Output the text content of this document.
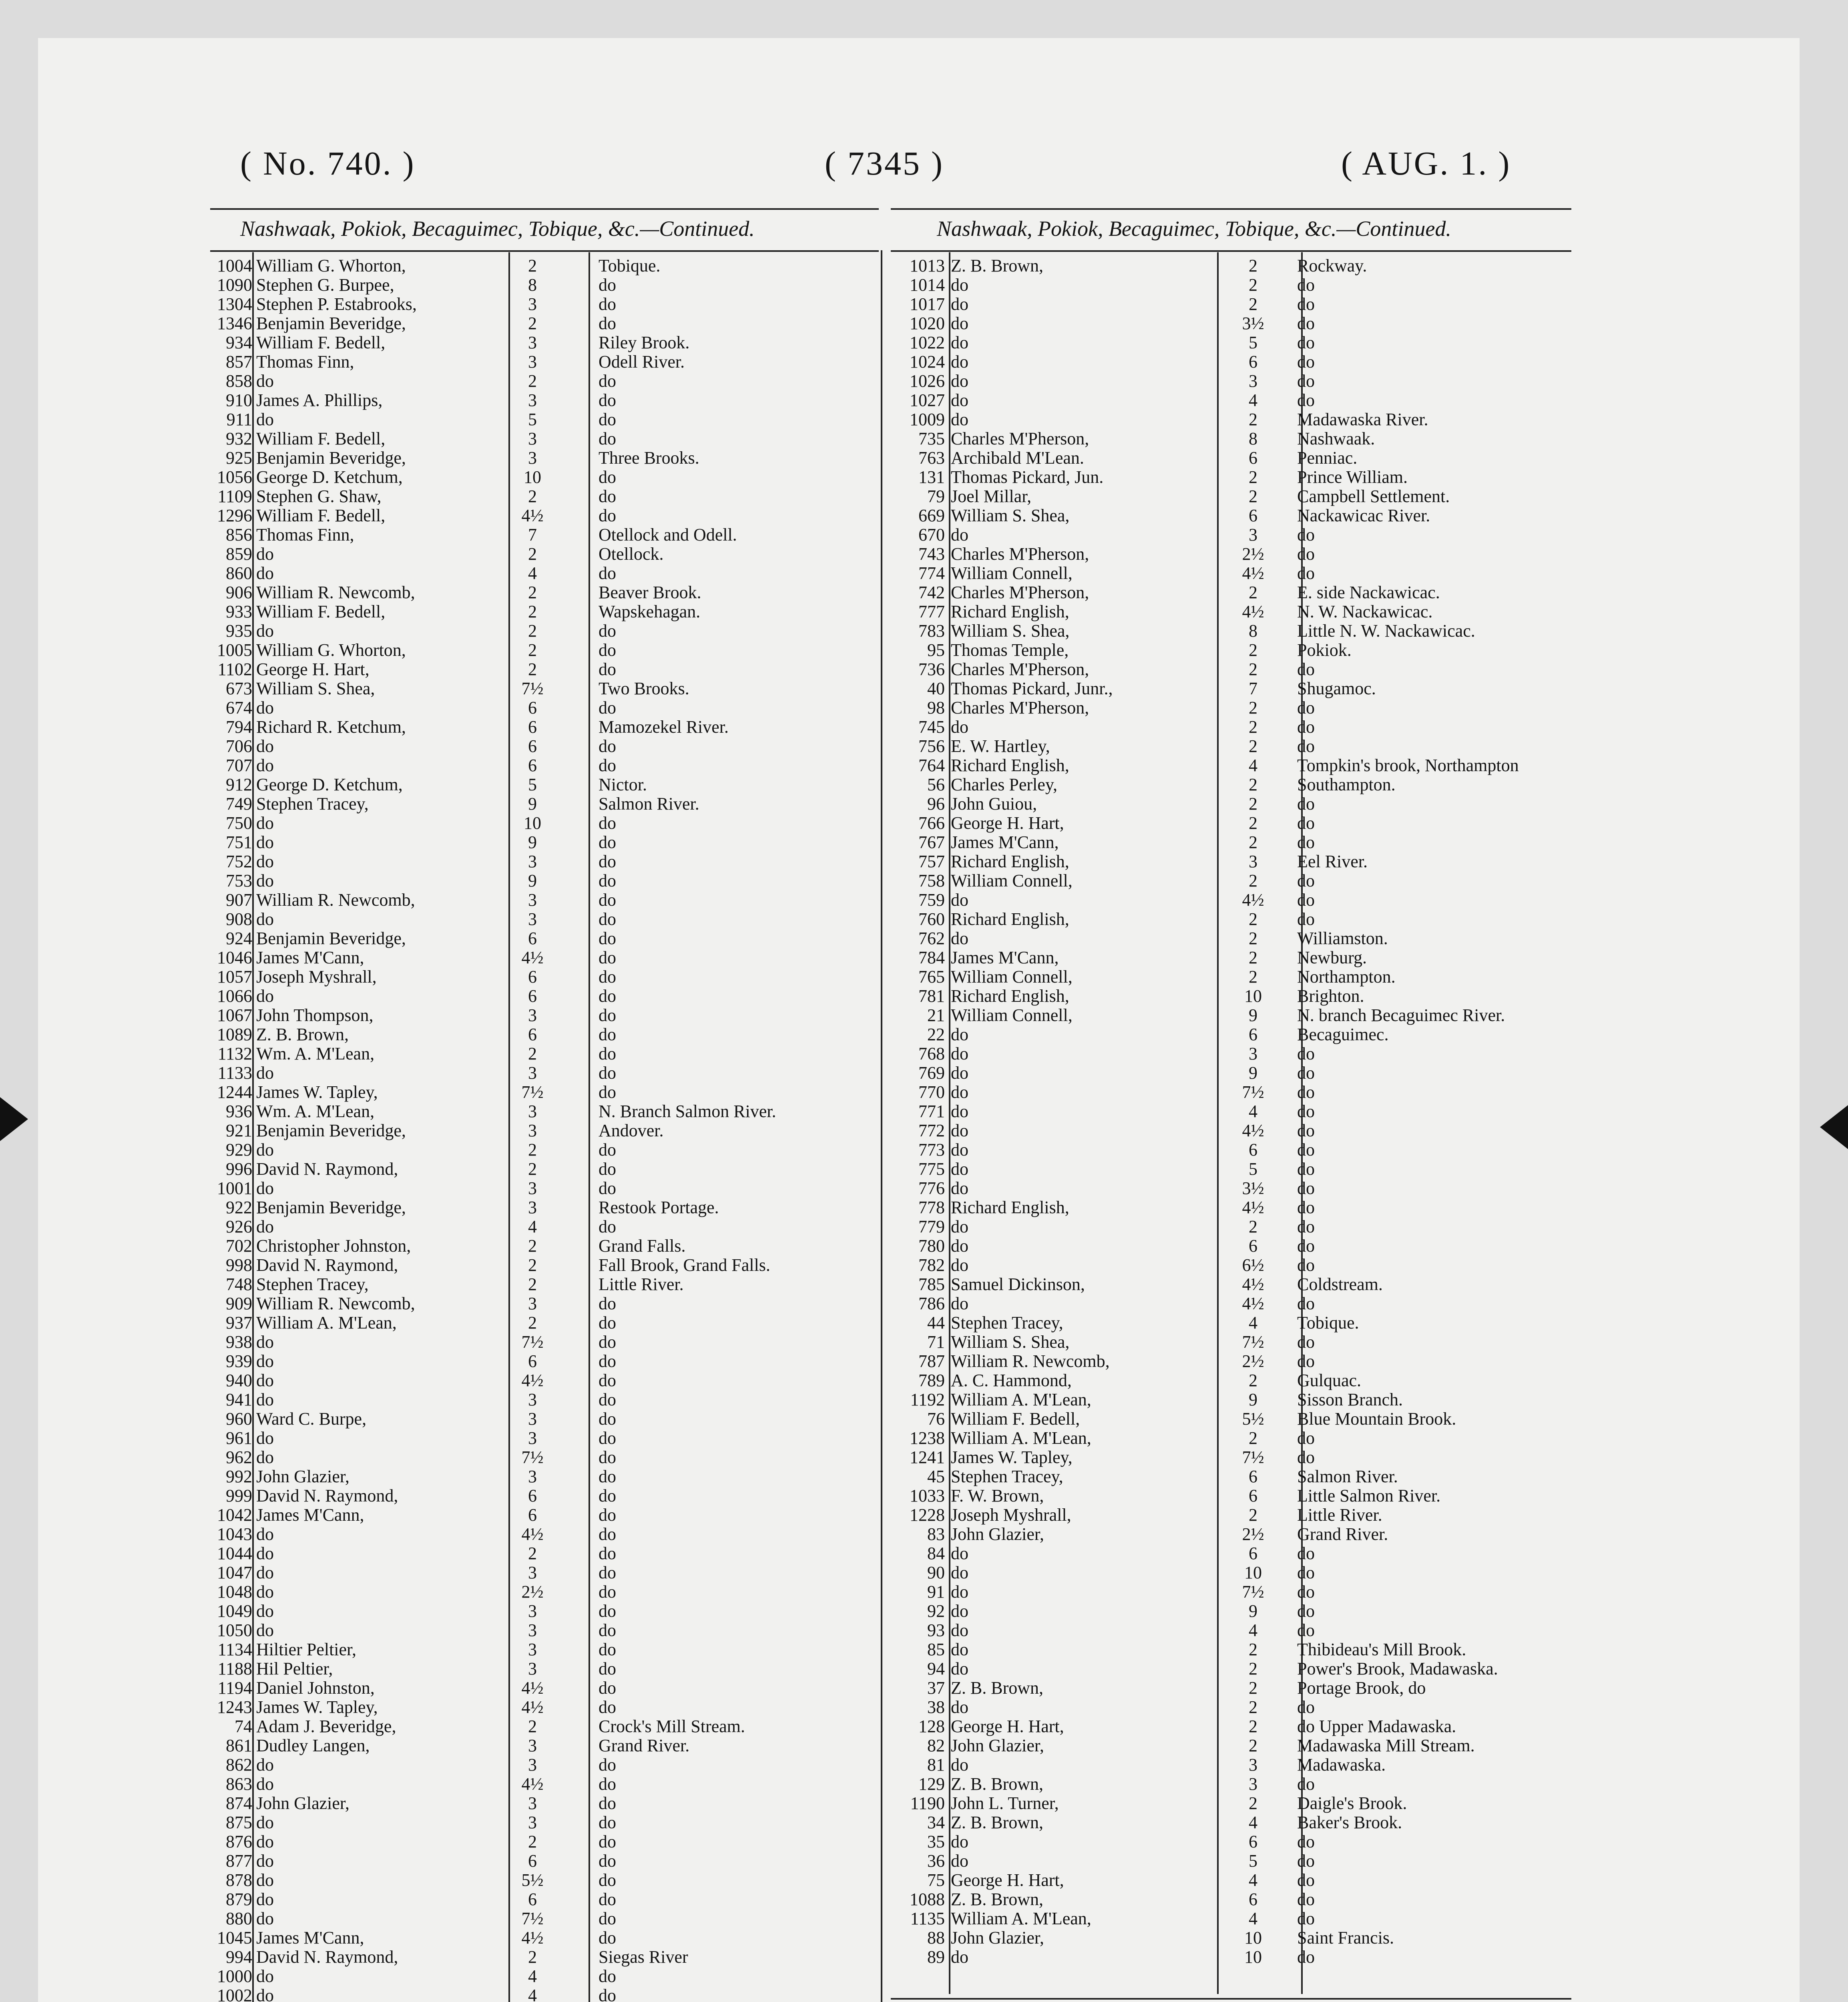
( No. 740. )	( 7345 )	( AUG. 1. )
Nashwaak, Pokiok, Becaguimec, Tobique, &c.—Continued.	Nashwaak, Pokiok, Becaguimec, Tobique, &c.—Continued.
1004 William G. Whorton,	2	Tobique.
1090 Stephen G. Burpee,	8	do
1304 Stephen P. Estabrooks,	3	do
1346 Benjamin Beveridge,	2	do
934 William F. Bedell,	3	Riley Brook.
857 Thomas Finn,	3	Odell River.
858 do	2	do
910 James A. Phillips,	3	do
911 do	5	do
932 William F. Bedell,	3	do
925 Benjamin Beveridge,	3	Three Brooks.
1056 George D. Ketchum,	10	do
1109 Stephen G. Shaw,	2	do
1296 William F. Bedell,	4½	do
856 Thomas Finn,	7	Otellock and Odell.
859 do	2	Otellock.
860 do	4	do
906 William R. Newcomb,	2	Beaver Brook.
933 William F. Bedell,	2	Wapskehagan.
935 do	2	do
1005 William G. Whorton,	2	do
1102 George H. Hart,	2	do
673 William S. Shea,	7½	Two Brooks.
674 do	6	do
794 Richard R. Ketchum,	6	Mamozekel River.
706 do	6	do
707 do	6	do
912 George D. Ketchum,	5	Nictor.
749 Stephen Tracey,	9	Salmon River.
750 do	10	do
751 do	9	do
752 do	3	do
753 do	9	do
907 William R. Newcomb,	3	do
908 do	3	do
924 Benjamin Beveridge,	6	do
1046 James M'Cann,	4½	do
1057 Joseph Myshrall,	6	do
1066 do	6	do
1067 John Thompson,	3	do
1089 Z. B. Brown,	6	do
1132 Wm. A. M'Lean,	2	do
1133 do	3	do
1244 James W. Tapley,	7½	do
936 Wm. A. M'Lean,	3	N. Branch Salmon River.
921 Benjamin Beveridge,	3	Andover.
929 do	2	do
996 David N. Raymond,	2	do
1001 do	3	do
922 Benjamin Beveridge,	3	Restook Portage.
926 do	4	do
702 Christopher Johnston,	2	Grand Falls.
998 David N. Raymond,	2	Fall Brook, Grand Falls.
748 Stephen Tracey,	2	Little River.
909 William R. Newcomb,	3	do
937 William A. M'Lean,	2	do
938 do	7½	do
939 do	6	do
940 do	4½	do
941 do	3	do
960 Ward C. Burpe,	3	do
961 do	3	do
962 do	7½	do
992 John Glazier,	3	do
999 David N. Raymond,	6	do
1042 James M'Cann,	6	do
1043 do	4½	do
1044 do	2	do
1047 do	3	do
1048 do	2½	do
1049 do	3	do
1050 do	3	do
1134 Hiltier Peltier,	3	do
1188 Hil Peltier,	3	do
1194 Daniel Johnston,	4½	do
1243 James W. Tapley,	4½	do
74 Adam J. Beveridge,	2	Crock's Mill Stream.
861 Dudley Langen,	3	Grand River.
862 do	3	do
863 do	4½	do
874 John Glazier,	3	do
875 do	3	do
876 do	2	do
877 do	6	do
878 do	5½	do
879 do	6	do
880 do	7½	do
1045 James M'Cann,	4½	do
994 David N. Raymond,	2	Siegas River
1000 do	4	do
1002 do	4	do
1013 Z. B. Brown,	2	Rockway.
1014 do	2	do
1017 do	2	do
1020 do	3½	do
1022 do	5	do
1024 do	6	do
1026 do	3	do
1027 do	4	do
1009 do	2	Madawaska River.
735 Charles M'Pherson,	8	Nashwaak.
763 Archibald M'Lean.	6	Penniac.
131 Thomas Pickard, Jun.	2	Prince William.
79 Joel Millar,	2	Campbell Settlement.
669 William S. Shea,	6	Nackawicac River.
670 do	3	do
743 Charles M'Pherson,	2½	do
774 William Connell,	4½	do
742 Charles M'Pherson,	2	E. side Nackawicac.
777 Richard English,	4½	N. W. Nackawicac.
783 William S. Shea,	8	Little N. W. Nackawicac.
95 Thomas Temple,	2	Pokiok.
736 Charles M'Pherson,	2	do
40 Thomas Pickard, Junr.,	7	Shugamoc.
98 Charles M'Pherson,	2	do
745 do	2	do
756 E. W. Hartley,	2	do
764 Richard English,	4	Tompkin's brook, Northampton
56 Charles Perley,	2	Southampton.
96 John Guiou,	2	do
766 George H. Hart,	2	do
767 James M'Cann,	2	do
757 Richard English,	3	Eel River.
758 William Connell,	2	do
759 do	4½	do
760 Richard English,	2	do
762 do	2	Williamston.
784 James M'Cann,	2	Newburg.
765 William Connell,	2	Northampton.
781 Richard English,	10	Brighton.
21 William Connell,	9	N. branch Becaguimec River.
22 do	6	Becaguimec.
768 do	3	do
769 do	9	do
770 do	7½	do
771 do	4	do
772 do	4½	do
773 do	6	do
775 do	5	do
776 do	3½	do
778 Richard English,	4½	do
779 do	2	do
780 do	6	do
782 do	6½	do
785 Samuel Dickinson,	4½	Coldstream.
786 do	4½	do
44 Stephen Tracey,	4	Tobique.
71 William S. Shea,	7½	do
787 William R. Newcomb,	2½	do
789 A. C. Hammond,	2	Gulquac.
1192 William A. M'Lean,	9	Sisson Branch.
76 William F. Bedell,	5½	Blue Mountain Brook.
1238 William A. M'Lean,	2	do
1241 James W. Tapley,	7½	do
45 Stephen Tracey,	6	Salmon River.
1033 F. W. Brown,	6	Little Salmon River.
1228 Joseph Myshrall,	2	Little River.
83 John Glazier,	2½	Grand River.
84 do	6	do
90 do	10	do
91 do	7½	do
92 do	9	do
93 do	4	do
85 do	2	Thibideau's Mill Brook.
94 do	2	Power's Brook, Madawaska.
37 Z. B. Brown,	2	Portage Brook, do
38 do	2	do
128 George H. Hart,	2	do Upper Madawaska.
82 John Glazier,	2	Madawaska Mill Stream.
81 do	3	Madawaska.
129 Z. B. Brown,	3	do
1190 John L. Turner,	2	Daigle's Brook.
34 Z. B. Brown,	4	Baker's Brook.
35 do	6	do
36 do	5	do
75 George H. Hart,	4	do
1088 Z. B. Brown,	6	do
1135 William A. M'Lean,	4	do
88 John Glazier,	10	Saint Francis.
89 do	10	do
